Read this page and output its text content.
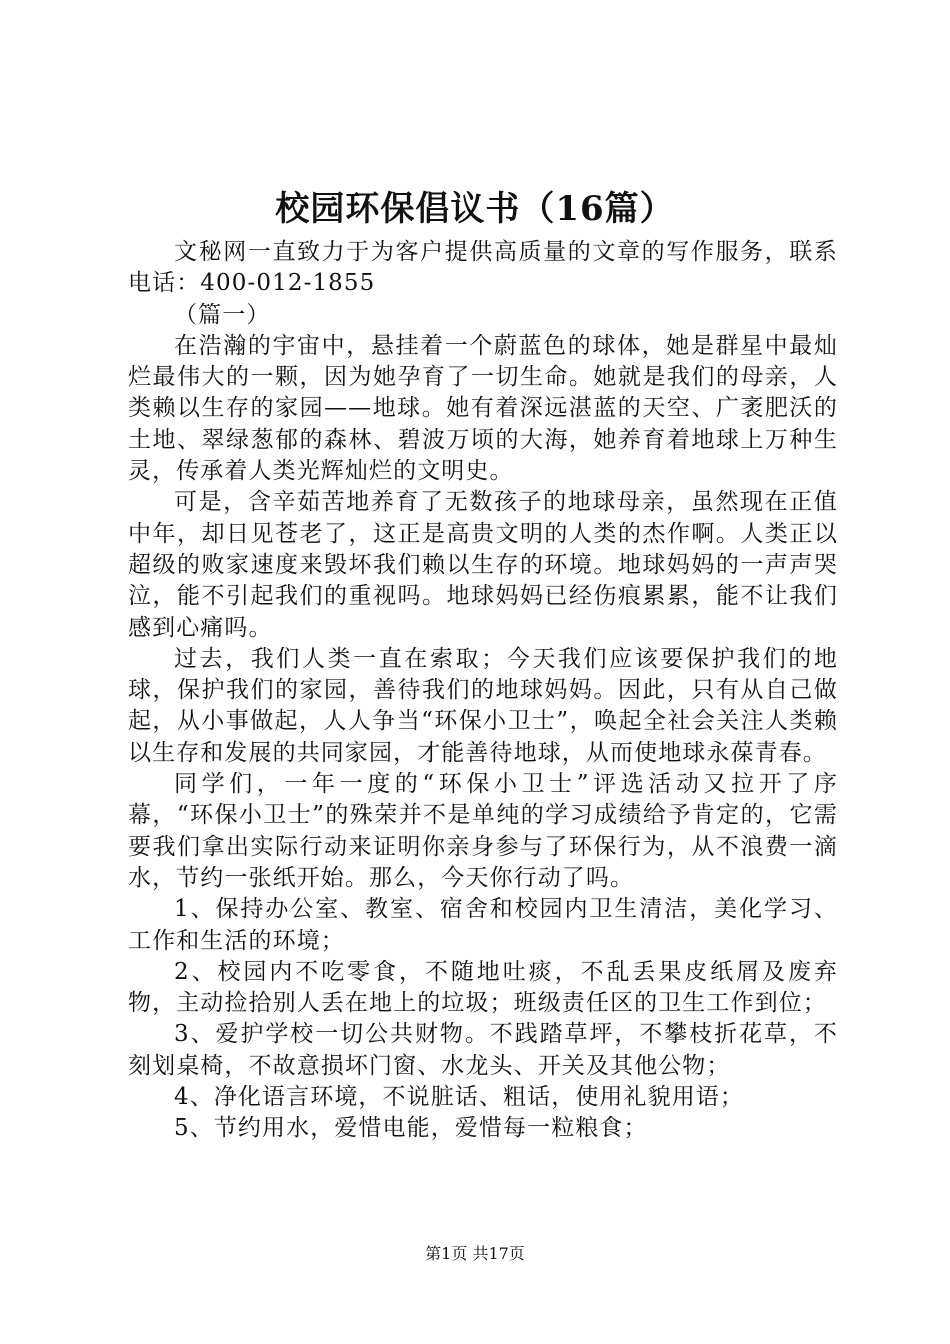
校园环保倡议书（16篇）

文秘网一直致力于为客户提供高质量的文章的写作服务，联系电话：400-012-1855

（篇一）

在浩瀚的宇宙中，悬挂着一个蔚蓝色的球体，她是群星中最灿烂最伟大的一颗，因为她孕育了一切生命。她就是我们的母亲，人类赖以生存的家园——地球。她有着深远湛蓝的天空、广袤肥沃的土地、翠绿葱郁的森林、碧波万顷的大海，她养育着地球上万种生灵，传承着人类光辉灿烂的文明史。

可是，含辛茹苦地养育了无数孩子的地球母亲，虽然现在正值中年，却日见苍老了，这正是高贵文明的人类的杰作啊。人类正以超级的败家速度来毁坏我们赖以生存的环境。地球妈妈的一声声哭泣，能不引起我们的重视吗。地球妈妈已经伤痕累累，能不让我们感到心痛吗。

过去，我们人类一直在索取；今天我们应该要保护我们的地球，保护我们的家园，善待我们的地球妈妈。因此，只有从自己做起，从小事做起，人人争当“环保小卫士”，唤起全社会关注人类赖以生存和发展的共同家园，才能善待地球，从而使地球永葆青春。

同学们，一年一度的“环保小卫士”评选活动又拉开了序幕，“环保小卫士”的殊荣并不是单纯的学习成绩给予肯定的，它需要我们拿出实际行动来证明你亲身参与了环保行为，从不浪费一滴水，节约一张纸开始。那么，今天你行动了吗。

1、保持办公室、教室、宿舍和校园内卫生清洁，美化学习、工作和生活的环境；

2、校园内不吃零食，不随地吐痰，不乱丢果皮纸屑及废弃物，主动捡拾别人丢在地上的垃圾；班级责任区的卫生工作到位；

3、爱护学校一切公共财物。不践踏草坪，不攀枝折花草，不刻划桌椅，不故意损坏门窗、水龙头、开关及其他公物；

4、净化语言环境，不说脏话、粗话，使用礼貌用语；

5、节约用水，爱惜电能，爱惜每一粒粮食；

第1页 共17页
